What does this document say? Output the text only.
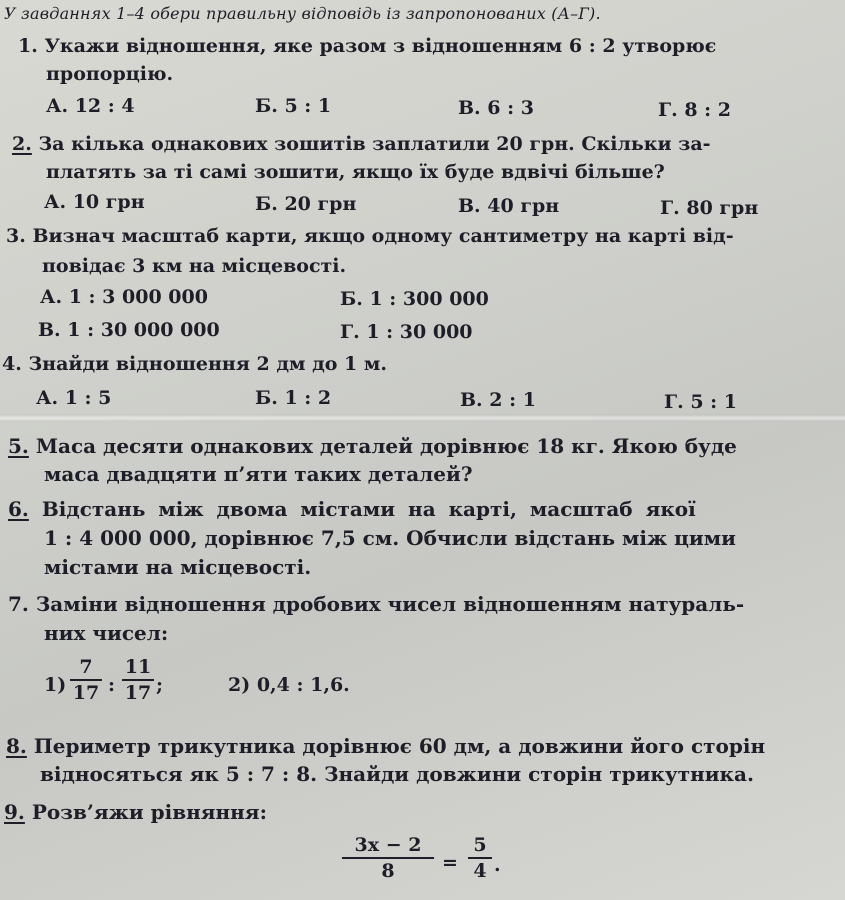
У завданнях 1–4 обери правильну відповідь із запропонованих (А–Г).
1. Укажи відношення, яке разом з відношенням 6 : 2 утворює
пропорцію.
А. 12 : 4	Б. 5 : 1	В. 6 : 3	Г. 8 : 2
2. За кілька однакових зошитів заплатили 20 грн. Скільки за-
платять за ті самі зошити, якщо їх буде вдвічі більше?
А. 10 грн	Б. 20 грн	В. 40 грн	Г. 80 грн
3. Визнач масштаб карти, якщо одному сантиметру на карті від-
повідає 3 км на місцевості.
А. 1 : 3 000 000	Б. 1 : 300 000
В. 1 : 30 000 000	Г. 1 : 30 000
4. Знайди відношення 2 дм до 1 м.
А. 1 : 5	Б. 1 : 2	В. 2 : 1	Г. 5 : 1
5. Маса десяти однакових деталей дорівнює 18 кг. Якою буде
маса двадцяти п’яти таких деталей?
6. Відстань між двома містами на карті, масштаб якої
1 : 4 000 000, дорівнює 7,5 см. Обчисли відстань між цими
містами на місцевості.
7. Заміни відношення дробових чисел відношенням натураль-
них чисел:
1)
7
17 :
11
17 ;	2) 0,4 : 1,6.
8. Периметр трикутника дорівнює 60 дм, а довжини його сторін
відносяться як 5 : 7 : 8. Знайди довжини сторін трикутника.
9. Розв’яжи рівняння:
3x − 2
8	=
5
4 .
